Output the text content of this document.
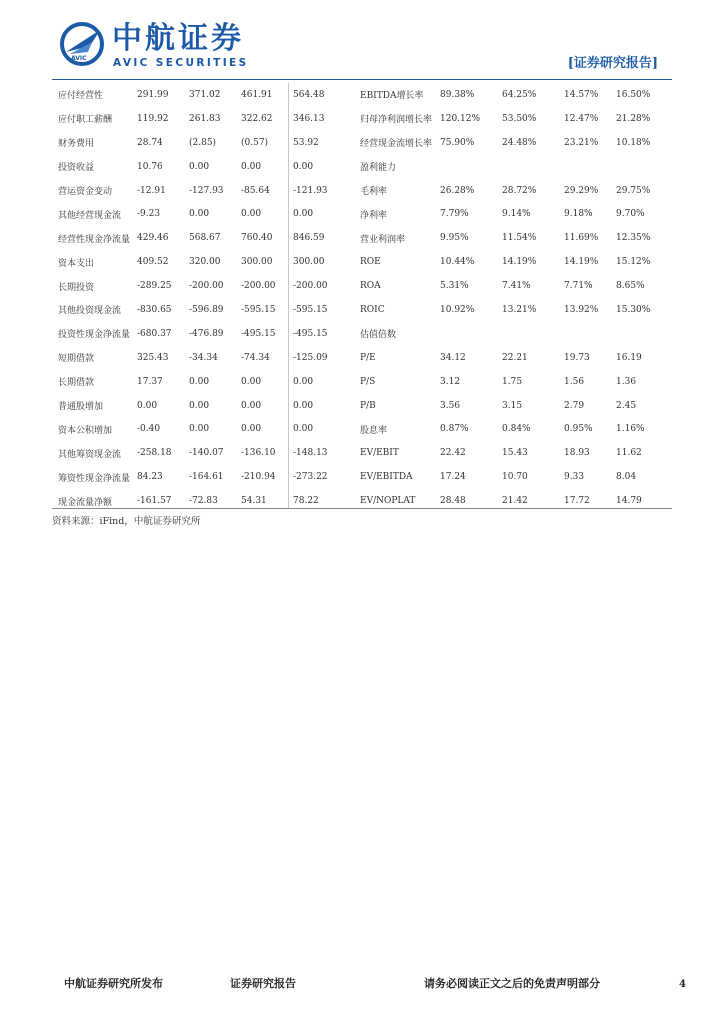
AVIC
中航证券
AVIC SECURITIES	[证券研究报告]
应付经营性	291.99	371.02	461.91	564.48	EBITDA增长率	89.38%	64.25%	14.57%	16.50%
应付职工薪酬	119.92	261.83	322.62	346.13	归母净利润增长率	120.12%	53.50%	12.47%	21.28%
财务费用	28.74	(2.85)	(0.57)	53.92	经营现金流增长率	75.90%	24.48%	23.21%	10.18%
投资收益	10.76	0.00	0.00	0.00	盈利能力				
营运资金变动	-12.91	-127.93	-85.64	-121.93	毛利率	26.28%	28.72%	29.29%	29.75%
其他经营现金流	-9.23	0.00	0.00	0.00	净利率	7.79%	9.14%	9.18%	9.70%
经营性现金净流量	429.46	568.67	760.40	846.59	营业利润率	9.95%	11.54%	11.69%	12.35%
资本支出	409.52	320.00	300.00	300.00	ROE	10.44%	14.19%	14.19%	15.12%
长期投资	-289.25	-200.00	-200.00	-200.00	ROA	5.31%	7.41%	7.71%	8.65%
其他投资现金流	-830.65	-596.89	-595.15	-595.15	ROIC	10.92%	13.21%	13.92%	15.30%
投资性现金净流量	-680.37	-476.89	-495.15	-495.15	估值倍数				
短期借款	325.43	-34.34	-74.34	-125.09	P/E	34.12	22.21	19.73	16.19
长期借款	17.37	0.00	0.00	0.00	P/S	3.12	1.75	1.56	1.36
普通股增加	0.00	0.00	0.00	0.00	P/B	3.56	3.15	2.79	2.45
资本公积增加	-0.40	0.00	0.00	0.00	股息率	0.87%	0.84%	0.95%	1.16%
其他筹资现金流	-258.18	-140.07	-136.10	-148.13	EV/EBIT	22.42	15.43	18.93	11.62
筹资性现金净流量	84.23	-164.61	-210.94	-273.22	EV/EBITDA	17.24	10.70	9.33	8.04
现金流量净额	-161.57	-72.83	54.31	78.22	EV/NOPLAT	28.48	21.42	17.72	14.79
资料来源：iFind，中航证券研究所
中航证券研究所发布	证券研究报告	请务必阅读正文之后的免责声明部分	4
